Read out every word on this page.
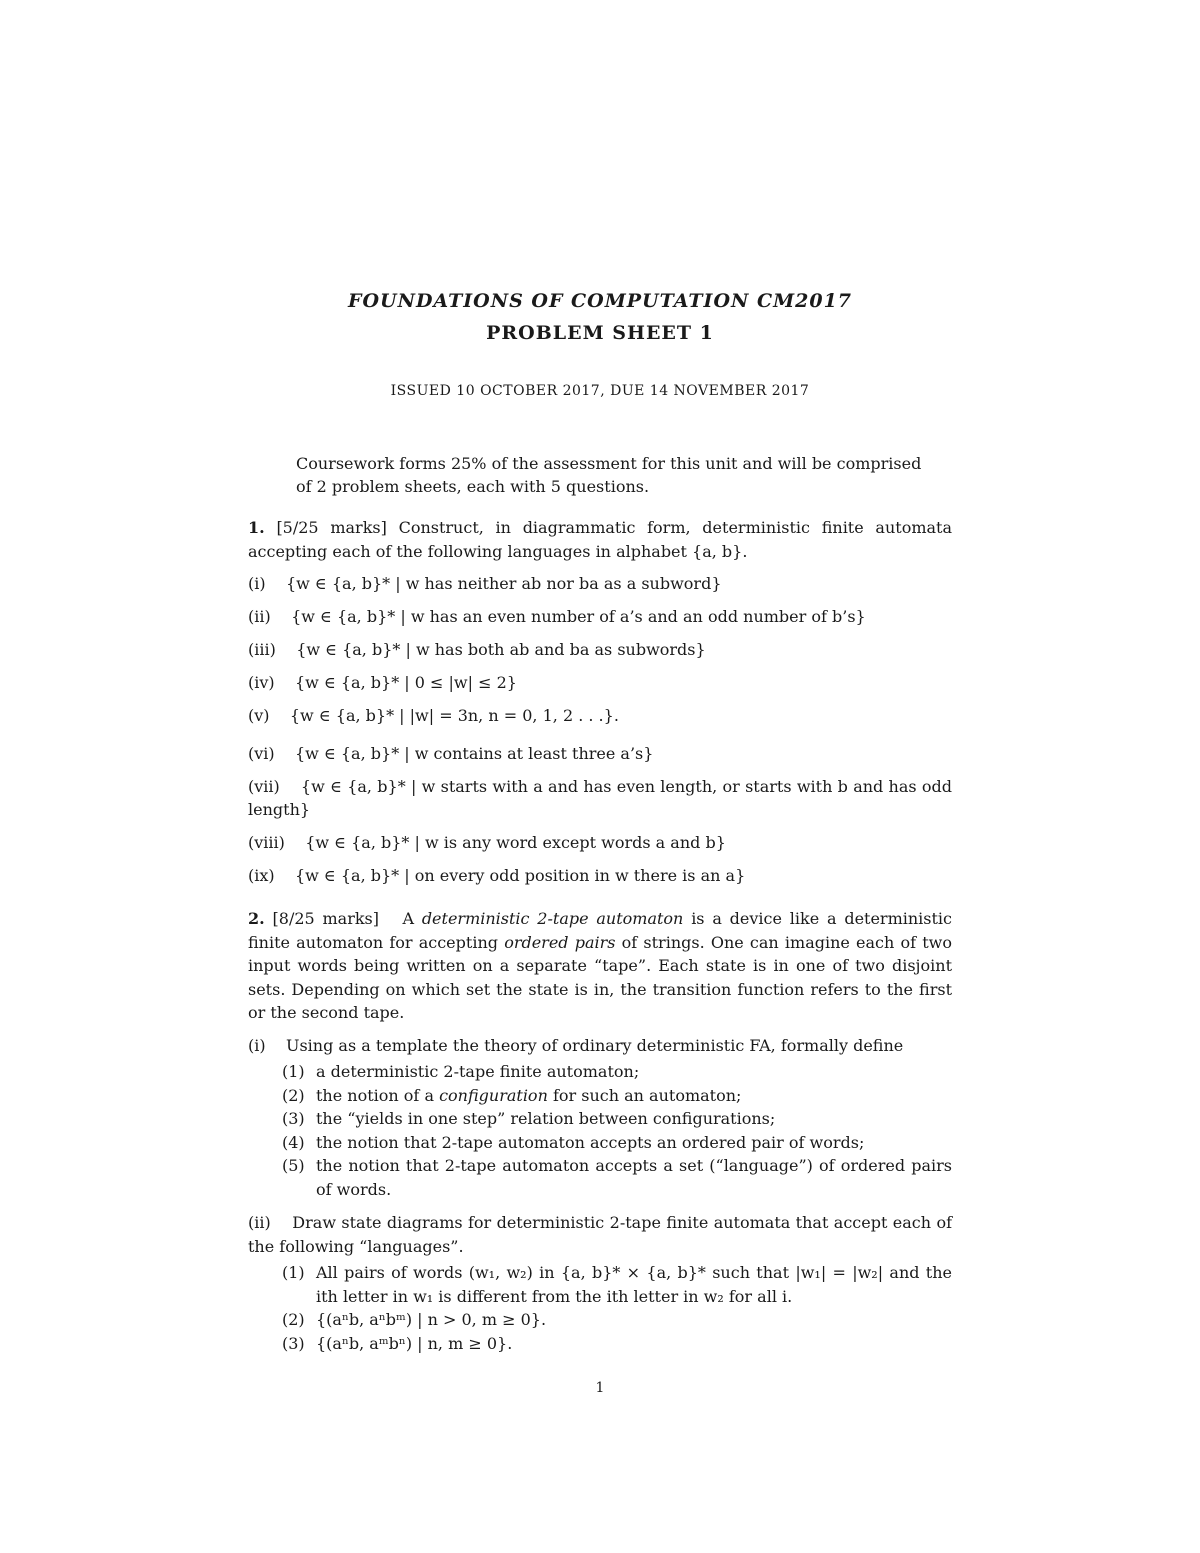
FOUNDATIONS OF COMPUTATION CM2017
PROBLEM SHEET 1
ISSUED 10 OCTOBER 2017, DUE 14 NOVEMBER 2017
Coursework forms 25% of the assessment for this unit and will be comprised of 2 problem sheets, each with 5 questions.
1. [5/25 marks] Construct, in diagrammatic form, deterministic finite automata accepting each of the following languages in alphabet {a, b}.
(i) {w ∈ {a, b}* | w has neither ab nor ba as a subword}
(ii) {w ∈ {a, b}* | w has an even number of a’s and an odd number of b’s}
(iii) {w ∈ {a, b}* | w has both ab and ba as subwords}
(iv) {w ∈ {a, b}* | 0 ≤ |w| ≤ 2}
(v) {w ∈ {a, b}* | |w| = 3n, n = 0, 1, 2 . . .}.
(vi) {w ∈ {a, b}* | w contains at least three a’s}
(vii) {w ∈ {a, b}* | w starts with a and has even length, or starts with b and has odd length}
(viii) {w ∈ {a, b}* | w is any word except words a and b}
(ix) {w ∈ {a, b}* | on every odd position in w there is an a}
2. [8/25 marks] A deterministic 2-tape automaton is a device like a deterministic finite automaton for accepting ordered pairs of strings. One can imagine each of two input words being written on a separate “tape”. Each state is in one of two disjoint sets. Depending on which set the state is in, the transition function refers to the first or the second tape.
(i) Using as a template the theory of ordinary deterministic FA, formally define
(1) a deterministic 2-tape finite automaton;
(2) the notion of a configuration for such an automaton;
(3) the “yields in one step” relation between configurations;
(4) the notion that 2-tape automaton accepts an ordered pair of words;
(5) the notion that 2-tape automaton accepts a set (“language”) of ordered pairs of words.
(ii) Draw state diagrams for deterministic 2-tape finite automata that accept each of the following “languages”.
(1) All pairs of words (w₁, w₂) in {a, b}* × {a, b}* such that |w₁| = |w₂| and the ith letter in w₁ is different from the ith letter in w₂ for all i.
(2) {(aⁿb, aⁿbᵐ) | n > 0, m ≥ 0}.
(3) {(aⁿb, aᵐbⁿ) | n, m ≥ 0}.
1
